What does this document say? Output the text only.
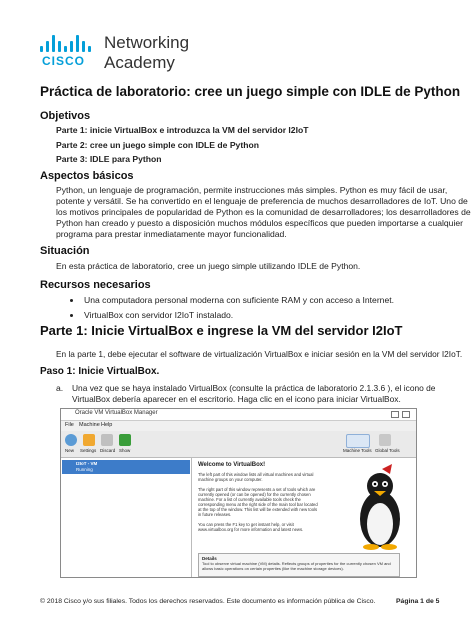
CISCO
Networking
Academy
Práctica de laboratorio: cree un juego simple con IDLE de Python
Objetivos
Parte 1: inicie VirtualBox e introduzca la VM del servidor I2IoT
Parte 2: cree un juego simple con IDLE de Python
Parte 3: IDLE para Python
Aspectos básicos
Python, un lenguaje de programación, permite instrucciones más simples. Python es muy fácil de usar,
potente y versátil. Se ha convertido en el lenguaje de preferencia de muchos desarrolladores de IoT. Uno de
los motivos principales de popularidad de Python es la comunidad de desarrolladores; los desarrolladores de
Python han creado y puesto a disposición muchos módulos específicos que pueden importarse a cualquier
programa para prestar inmediatamente mayor funcionalidad.
Situación
En esta práctica de laboratorio, cree un juego simple utilizando IDLE de Python.
Recursos necesarios
Una computadora personal moderna con suficiente RAM y con acceso a Internet.
VirtualBox con servidor I2IoT instalado.
Parte 1: Inicie VirtualBox e ingrese la VM del servidor I2IoT
En la parte 1, debe ejecutar el software de virtualización VirtualBox e iniciar sesión en la VM del servidor I2IoT.
Paso 1: Inicie VirtualBox.
a. Una vez que se haya instalado VirtualBox (consulte la práctica de laboratorio 2.1.3.6 ), el icono de
VirtualBox debería aparecer en el escritorio. Haga clic en el icono para iniciar VirtualBox.
Oracle VM VirtualBox Manager
File Machine Help
New Settings Discard Show	Machine Tools Global Tools
I2IoT - VM
Running
Welcome to VirtualBox!
The left part of this window lists all virtual machines and virtual
machine groups on your computer.
The right part of this window represents a set of tools which are
currently opened (or can be opened) for the currently chosen
machine. For a list of currently available tools check the
corresponding menu at the right side of the main tool bar located
at the top of the window. This list will be extended with new tools
in future releases.
You can press the F1 key to get instant help, or visit
www.virtualbox.org for more information and latest news.
Details
Tool to observe virtual machine (VM) details. Reflects groups of properties for the currently chosen VM and allows basic operations on certain properties (like the machine storage devices).
© 2018 Cisco y/o sus filiales. Todos los derechos reservados. Este documento es información pública de Cisco.	Página 1 de 5
